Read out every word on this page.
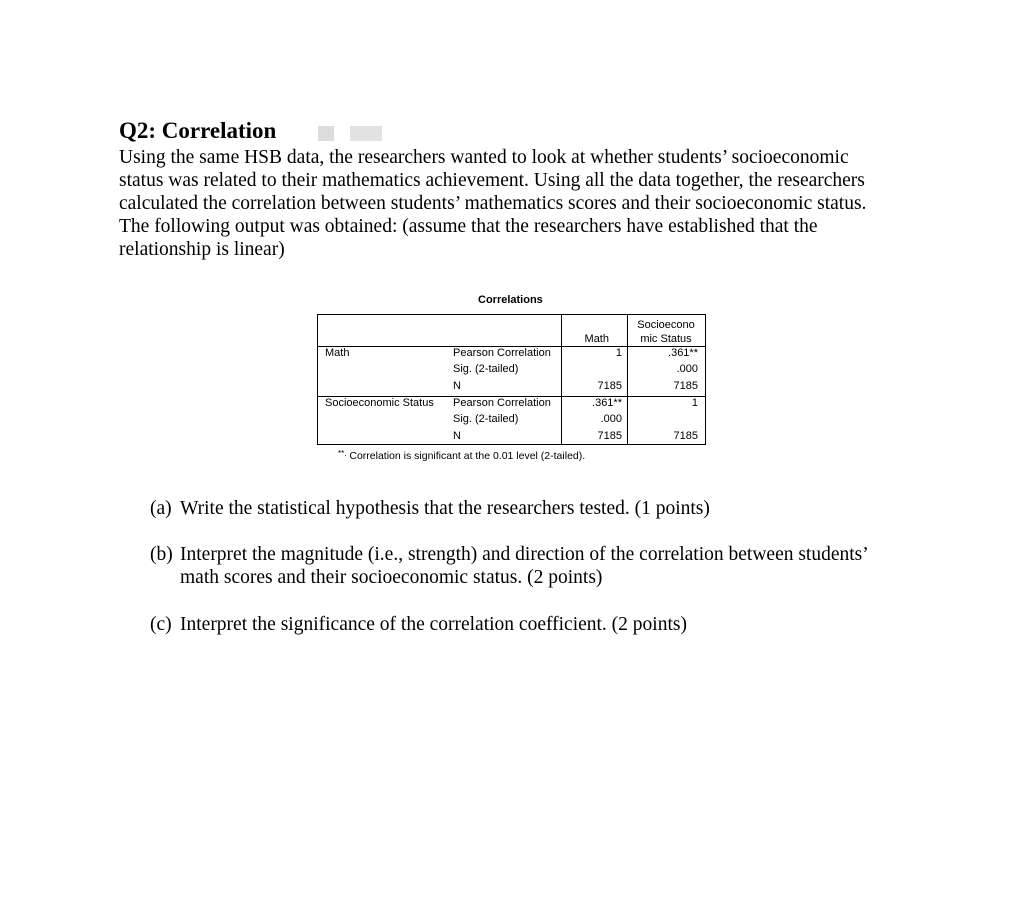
Q2: Correlation
Using the same HSB data, the researchers wanted to look at whether students’ socioeconomic
status was related to their mathematics achievement. Using all the data together, the researchers
calculated the correlation between students’ mathematics scores and their socioeconomic status.
The following output was obtained: (assume that the researchers have established that the
relationship is linear)
Correlations
Math
Socioecono
mic Status
Math	Pearson Correlation
Sig. (2-tailed)
N
1
7185
.361**
.000
7185
Socioeconomic Status Pearson Correlation
Sig. (2-tailed)
N
.361**
.000
7185
1
7185
**. Correlation is significant at the 0.01 level (2-tailed).
(a) Write the statistical hypothesis that the researchers tested. (1 points)
(b) Interpret the magnitude (i.e., strength) and direction of the correlation between students’
math scores and their socioeconomic status. (2 points)
(c) Interpret the significance of the correlation coefficient. (2 points)
